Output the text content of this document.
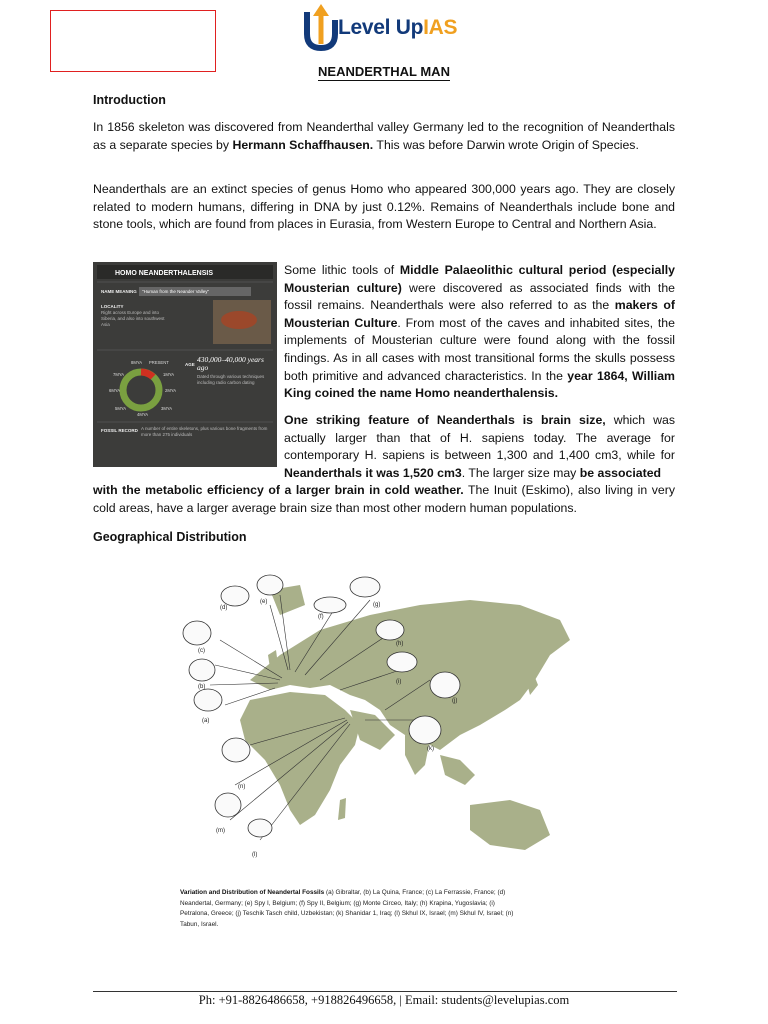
Level UpIAS
NEANDERTHAL MAN
Introduction
In 1856 skeleton was discovered from Neanderthal valley Germany led to the recognition of Neanderthals as a separate species by Hermann Schaffhausen. This was before Darwin wrote Origin of Species.
Neanderthals are an extinct species of genus Homo who appeared 300,000 years ago. They are closely related to modern humans, differing in DNA by just 0.12%. Remains of Neanderthals include bone and stone tools, which are found from places in Eurasia, from Western Europe to Central and Northern Asia.
HOMO NEANDERTHALENSIS
NAME MEANING "Human from the Neander Valley"
LOCALITY
Right across Europe and into Siberia, and also into southwest Asia
8MYA PRESENT
7MYA	1MYA
6MYA	2MYA
5MYA	3MYA
4MYA
AGE
430,000–40,000 years ago
Dated through various techniques including radio carbon dating
FOSSIL RECORD A number of entire skeletons, plus various bone fragments from more than 275 individuals
Some lithic tools of Middle Palaeolithic cultural period (especially Mousterian culture) were discovered as associated finds with the fossil remains. Neanderthals were also referred to as the makers of Mousterian Culture. From most of the caves and inhabited sites, the implements of Mousterian culture were found along with the fossil findings. As in all cases with most transitional forms the skulls possess both primitive and advanced characteristics. In the year 1864, William King coined the name Homo neanderthalensis.
One striking feature of Neanderthals is brain size, which was actually larger than that of H. sapiens today. The average for contemporary H. sapiens is between 1,300 and 1,400 cm3, while for Neanderthals it was 1,520 cm3. The larger size may be associated
with the metabolic efficiency of a larger brain in cold weather. The Inuit (Eskimo), also living in very cold areas, have a larger average brain size than most other modern human populations.
Geographical Distribution
(a)
(b)
(c)
(d)
(e)
(f)
(g)
(h)
(i)
(j)
(k)
(l)
(m)
(n)
Variation and Distribution of Neandertal Fossils (a) Gibraltar, (b) La Quina, France; (c) La Ferrassie, France; (d) Neandertal, Germany; (e) Spy I, Belgium; (f) Spy II, Belgium; (g) Monte Circeo, Italy; (h) Krapina, Yugoslavia; (i) Petralona, Greece; (j) Teschik Tasch child, Uzbekistan; (k) Shanidar 1, Iraq; (l) Skhul IX, Israel; (m) Skhul IV, Israel; (n) Tabun, Israel.
Ph: +91-8826486658, +918826496658, | Email: students@levelupias.com
